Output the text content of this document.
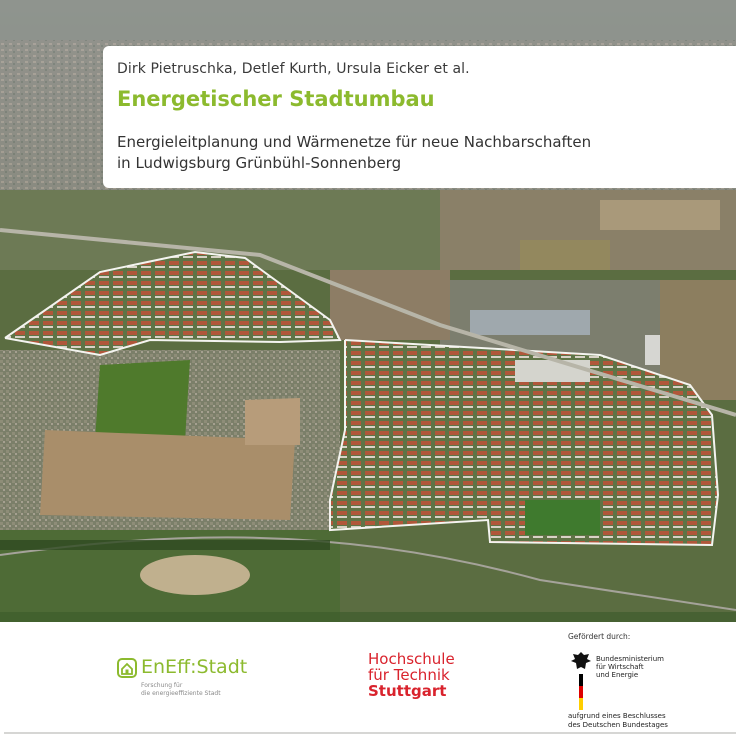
Dirk Pietruschka, Detlef Kurth, Ursula Eicker et al.
Energetischer Stadtumbau
Energieleitplanung und Wärmenetze für neue Nachbarschaften
in Ludwigsburg Grünbühl-Sonnenberg
EnEff:Stadt
Forschung für
die energieeffiziente Stadt
Hochschule
für Technik
Stuttgart
Gefördert durch:
Bundesministerium
für Wirtschaft
und Energie
aufgrund eines Beschlusses
des Deutschen Bundestages
